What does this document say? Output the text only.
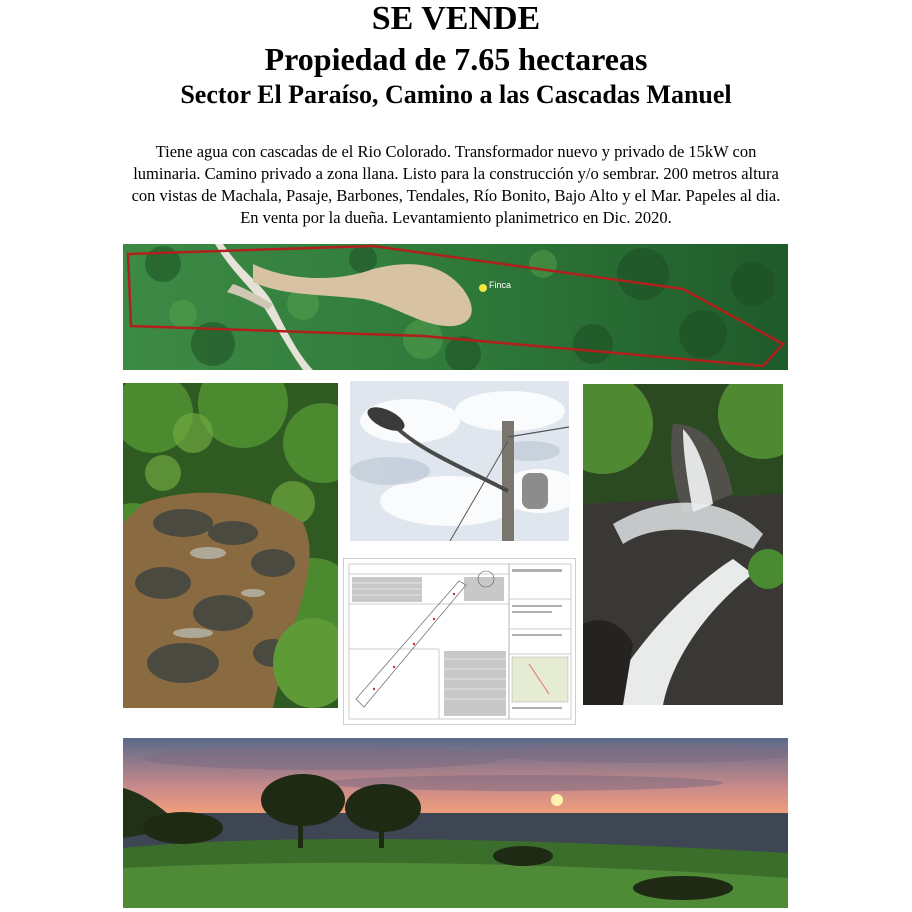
SE VENDE
Propiedad de 7.65 hectareas
Sector El Paraíso, Camino a las Cascadas Manuel
Tiene agua con cascadas de el Rio Colorado. Transformador nuevo y privado de 15kW con luminaria. Camino privado a zona llana. Listo para la construcción y/o sembrar. 200 metros altura con vistas de Machala, Pasaje, Barbones, Tendales, Río Bonito, Bajo Alto y el Mar. Papeles al dia. En venta por la dueña. Levantamiento planimetrico en Dic. 2020.
Finca
